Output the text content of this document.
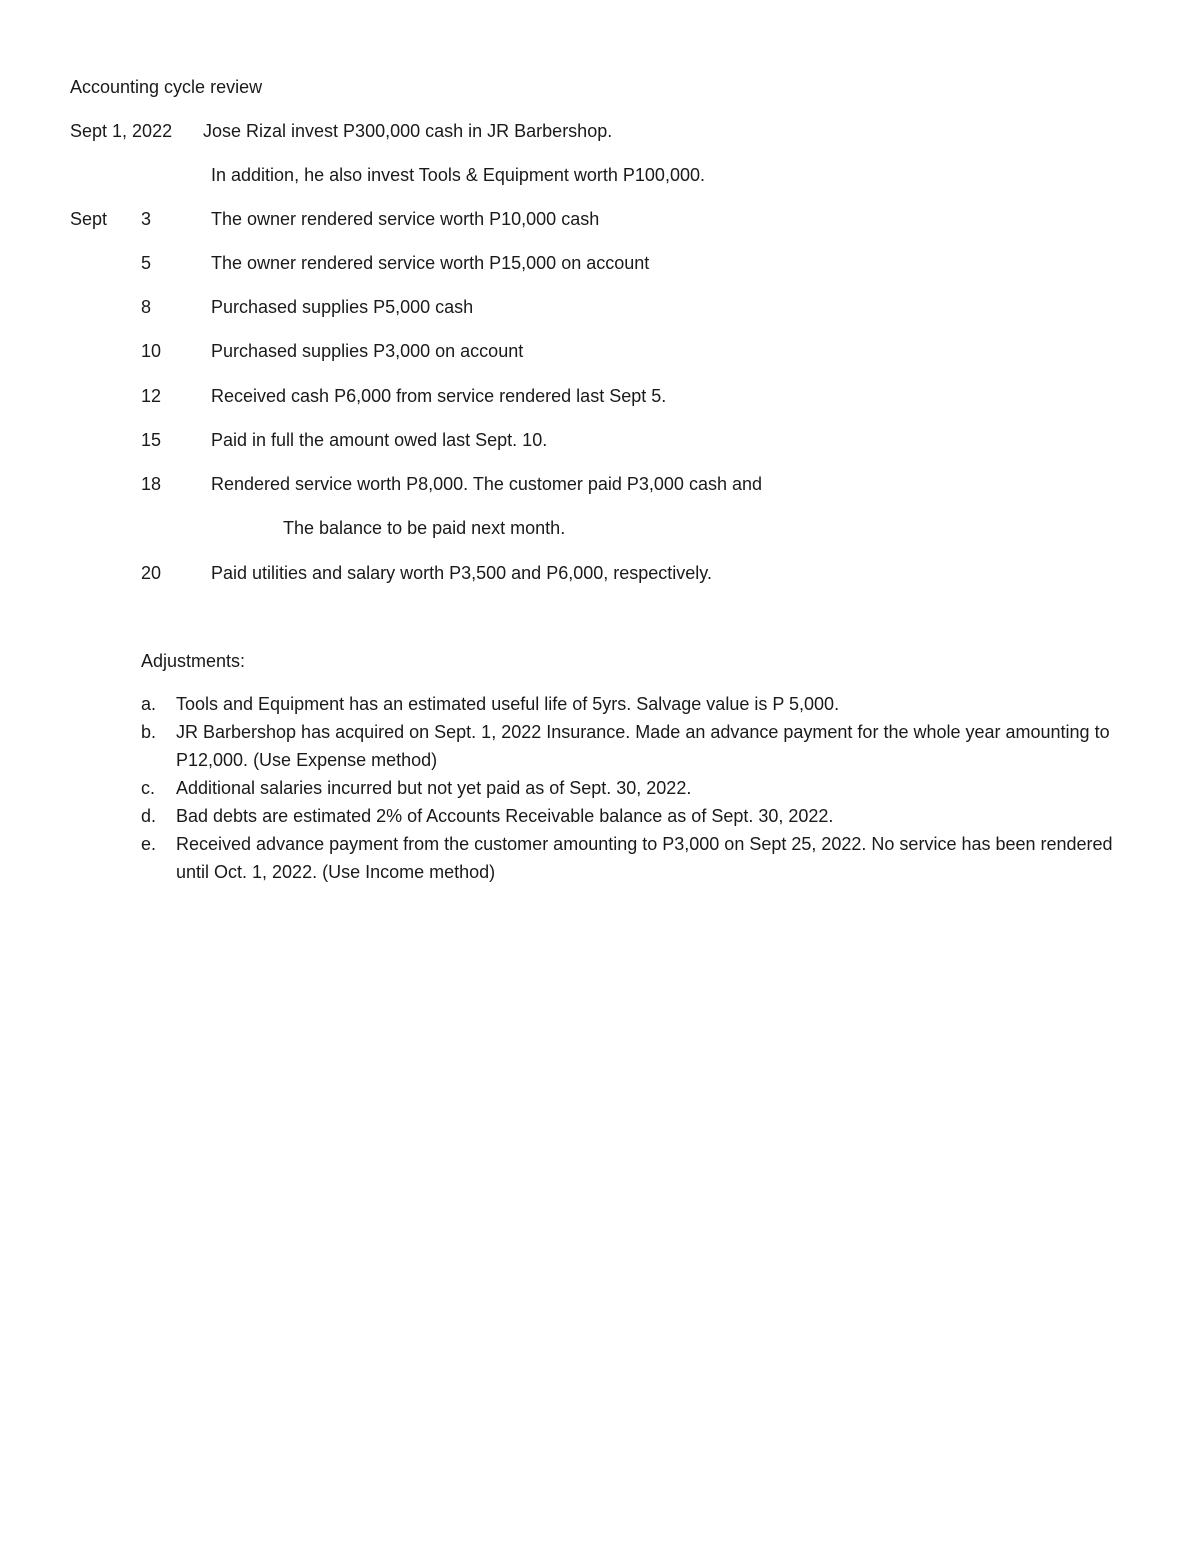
Accounting cycle review
Sept 1, 2022 Jose Rizal invest P300,000 cash in JR Barbershop.
In addition, he also invest Tools & Equipment worth P100,000.
Sept 3	The owner rendered service worth P10,000 cash
5	The owner rendered service worth P15,000 on account
8	Purchased supplies P5,000 cash
10	Purchased supplies P3,000 on account
12	Received cash P6,000 from service rendered last Sept 5.
15	Paid in full the amount owed last Sept. 10.
18	Rendered service worth P8,000. The customer paid P3,000 cash and
The balance to be paid next month.
20	Paid utilities and salary worth P3,500 and P6,000, respectively.
Adjustments:
a.	Tools and Equipment has an estimated useful life of 5yrs. Salvage value is P 5,000.
b.	JR Barbershop has acquired on Sept. 1, 2022 Insurance. Made an advance payment for the whole year amounting to P12,000. (Use Expense method)
c.	Additional salaries incurred but not yet paid as of Sept. 30, 2022.
d.	Bad debts are estimated 2% of Accounts Receivable balance as of Sept. 30, 2022.
e.	Received advance payment from the customer amounting to P3,000 on Sept 25, 2022. No service has been rendered until Oct. 1, 2022. (Use Income method)
